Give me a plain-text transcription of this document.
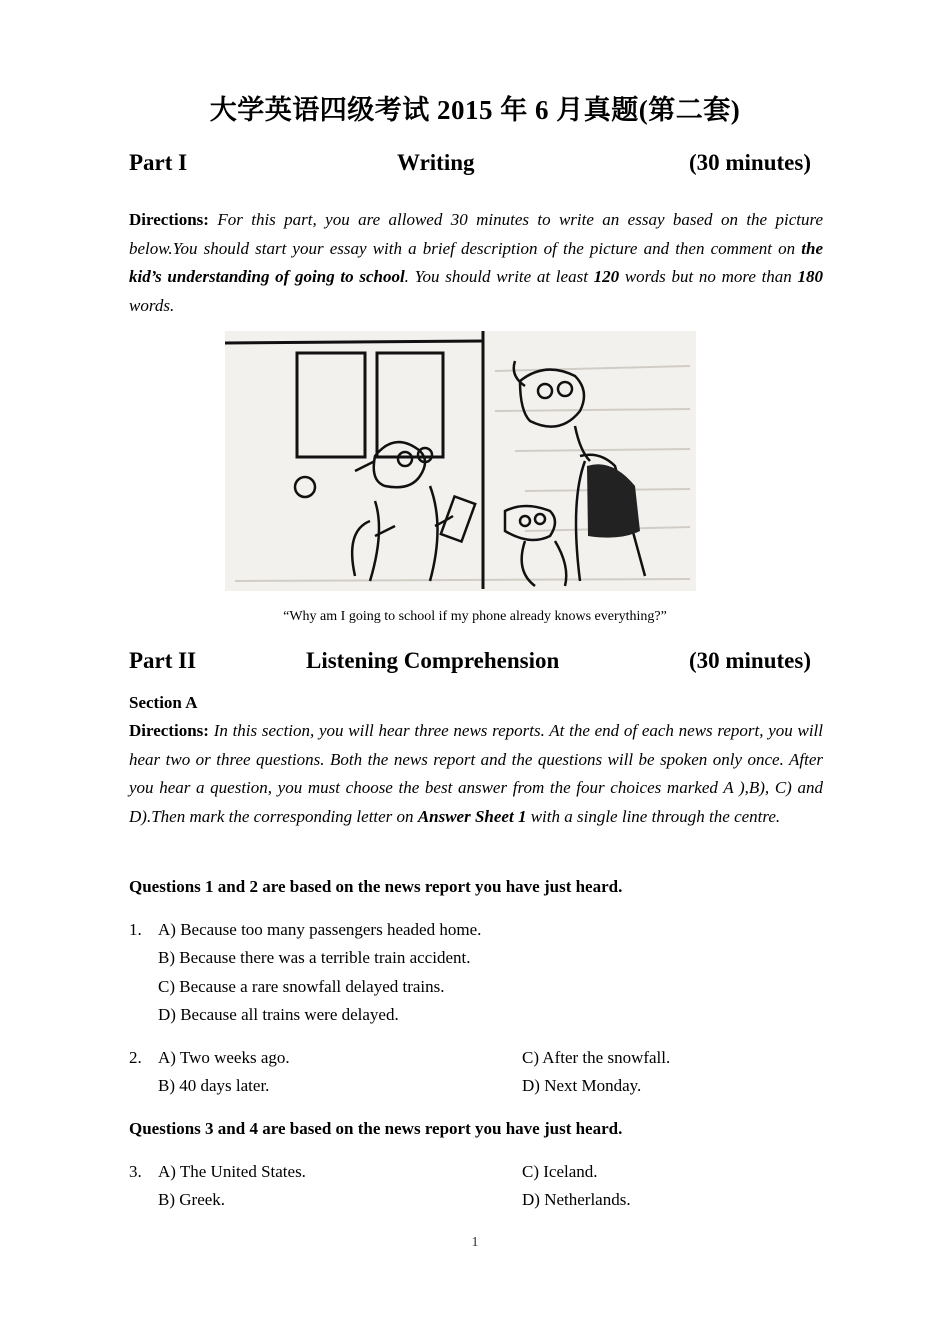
大学英语四级考试 2015 年 6 月真题(第二套)
Part I	Writing	(30 minutes)
Directions: For this part, you are allowed 30 minutes to write an essay based on the picture below.You should start your essay with a brief description of the picture and then comment on the kid’s understanding of going to school. You should write at least 120 words but no more than 180 words.
“Why am I going to school if my phone already knows everything?”
Part II	Listening Comprehension	(30 minutes)
Section A
Directions: In this section, you will hear three news reports. At the end of each news report, you will hear two or three questions. Both the news report and the questions will be spoken only once. After you hear a question, you must choose the best answer from the four choices marked A ),B), C) and D).Then mark the corresponding letter on Answer Sheet 1 with a single line through the centre.
Questions 1 and 2 are based on the news report you have just heard.
1. A) Because too many passengers headed home.
B) Because there was a terrible train accident.
C) Because a rare snowfall delayed trains.
D) Because all trains were delayed.
2. A) Two weeks ago.
B) 40 days later.
C) After the snowfall.
D) Next Monday.
Questions 3 and 4 are based on the news report you have just heard.
3. A) The United States.
B) Greek.
C) Iceland.
D) Netherlands.
1
